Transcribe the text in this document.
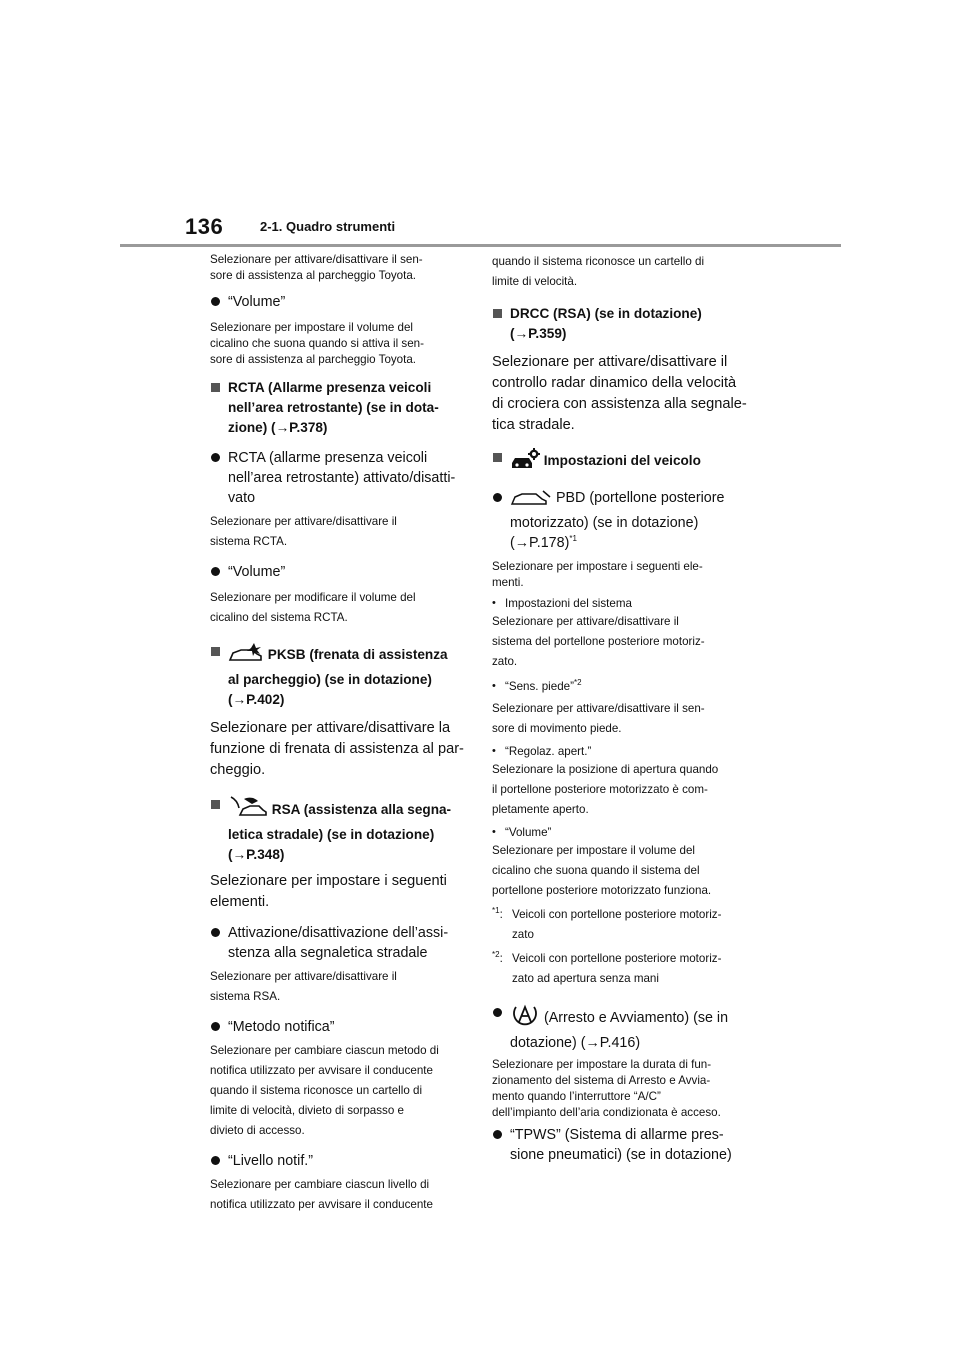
136	2-1. Quadro strumenti

Selezionare per attivare/disattivare il sen-
sore di assistenza al parcheggio Toyota.

“Volume”

Selezionare per impostare il volume del
cicalino che suona quando si attiva il sen-
sore di assistenza al parcheggio Toyota.

RCTA (Allarme presenza veicoli
nell’area retrostante) (se in dota-
zione) (→P.378)

RCTA (allarme presenza veicoli
nell’area retrostante) attivato/disatti-
vato

Selezionare per attivare/disattivare il
sistema RCTA.

“Volume”

Selezionare per modificare il volume del
cicalino del sistema RCTA.

PKSB (frenata di assistenza
al parcheggio) (se in dotazione)
(→P.402)

Selezionare per attivare/disattivare la
funzione di frenata di assistenza al par-
cheggio.

RSA (assistenza alla segna-
letica stradale) (se in dotazione)
(→P.348)

Selezionare per impostare i seguenti
elementi.

Attivazione/disattivazione dell’assi-
stenza alla segnaletica stradale

Selezionare per attivare/disattivare il
sistema RSA.

“Metodo notifica”

Selezionare per cambiare ciascun metodo di
notifica utilizzato per avvisare il conducente
quando il sistema riconosce un cartello di
limite di velocità, divieto di sorpasso e
divieto di accesso.

“Livello notif.”

Selezionare per cambiare ciascun livello di
notifica utilizzato per avvisare il conducente

quando il sistema riconosce un cartello di
limite di velocità.

DRCC (RSA) (se in dotazione)
(→P.359)

Selezionare per attivare/disattivare il
controllo radar dinamico della velocità
di crociera con assistenza alla segnale-
tica stradale.

Impostazioni del veicolo
PBD (portellone posteriore
motorizzato) (se in dotazione)
$(\to P.178)^{*1}$

Selezionare per impostare i seguenti ele-
menti.

• Impostazioni del sistema

Selezionare per attivare/disattivare il
sistema del portellone posteriore motoriz-
zato.

• “Sens. piede”$^{*2}$

Selezionare per attivare/disattivare il sen-
sore di movimento piede.

• “Regolaz. apert.”

Selezionare la posizione di apertura quando
il portellone posteriore motorizzato è com-
pletamente aperto.

• “Volume”

Selezionare per impostare il volume del
cicalino che suona quando il sistema del
portellone posteriore motorizzato funziona.

$^{*1}$: Veicoli con portellone posteriore motoriz-
zato
$^{*2}$: Veicoli con portellone posteriore motoriz-
zato ad apertura senza mani
(Arresto e Avviamento) (se in
dotazione) (→P.416)

Selezionare per impostare la durata di fun-
zionamento del sistema di Arresto e Avvia-
mento quando l’interruttore “A/C”
dell’impianto dell’aria condizionata è acceso.

“TPWS” (Sistema di allarme pres-
sione pneumatici) (se in dotazione)
